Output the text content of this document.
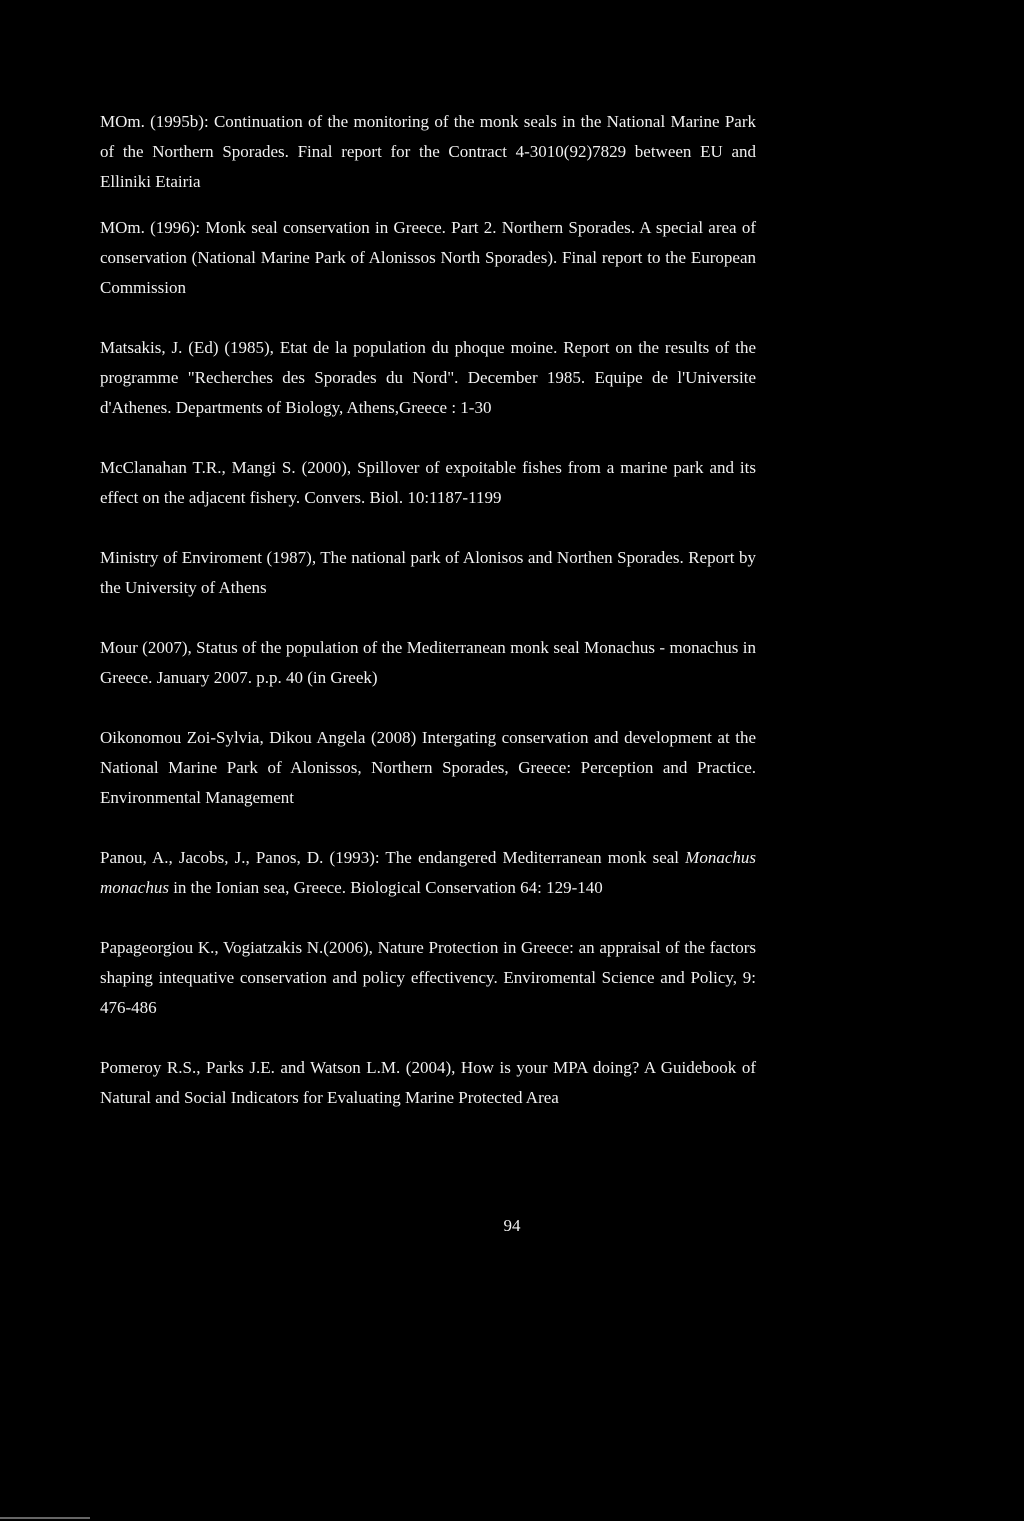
MOm. (1995b): Continuation of the monitoring of the monk seals in the National Marine Park of the Northern Sporades. Final report for the Contract 4-3010(92)7829 between EU and Elliniki Etairia

MOm. (1996): Monk seal conservation in Greece. Part 2. Northern Sporades. A special area of conservation (National Marine Park of Alonissos North Sporades). Final report to the European Commission

Matsakis, J. (Ed) (1985), Etat de la population du phoque moine. Report on the results of the programme "Recherches des Sporades du Nord". December 1985. Equipe de l'Universite d'Athenes. Departments of Biology, Athens,Greece : 1-30

McClanahan T.R., Mangi S. (2000), Spillover of expoitable fishes from a marine park and its effect on the adjacent fishery. Convers. Biol. 10:1187-1199

Ministry of Enviroment (1987), The national park of Alonisos and Northen Sporades. Report by the University of Athens

Mour (2007), Status of the population of the Mediterranean monk seal Monachus - monachus in Greece. January 2007. p.p. 40 (in Greek)

Oikonomou Zoi-Sylvia, Dikou Angela (2008) Intergating conservation and development at the National Marine Park of Alonissos, Northern Sporades, Greece: Perception and Practice. Environmental Management

Panou, A., Jacobs, J., Panos, D. (1993): The endangered Mediterranean monk seal Monachus monachus in the Ionian sea, Greece. Biological Conservation 64: 129-140

Papageorgiou K., Vogiatzakis N.(2006), Nature Protection in Greece: an appraisal of the factors shaping intequative conservation and policy effectivency. Enviromental Science and Policy, 9: 476-486

Pomeroy R.S., Parks J.E. and Watson L.M. (2004), How is your MPA doing? A Guidebook of Natural and Social Indicators for Evaluating Marine Protected Area

94
